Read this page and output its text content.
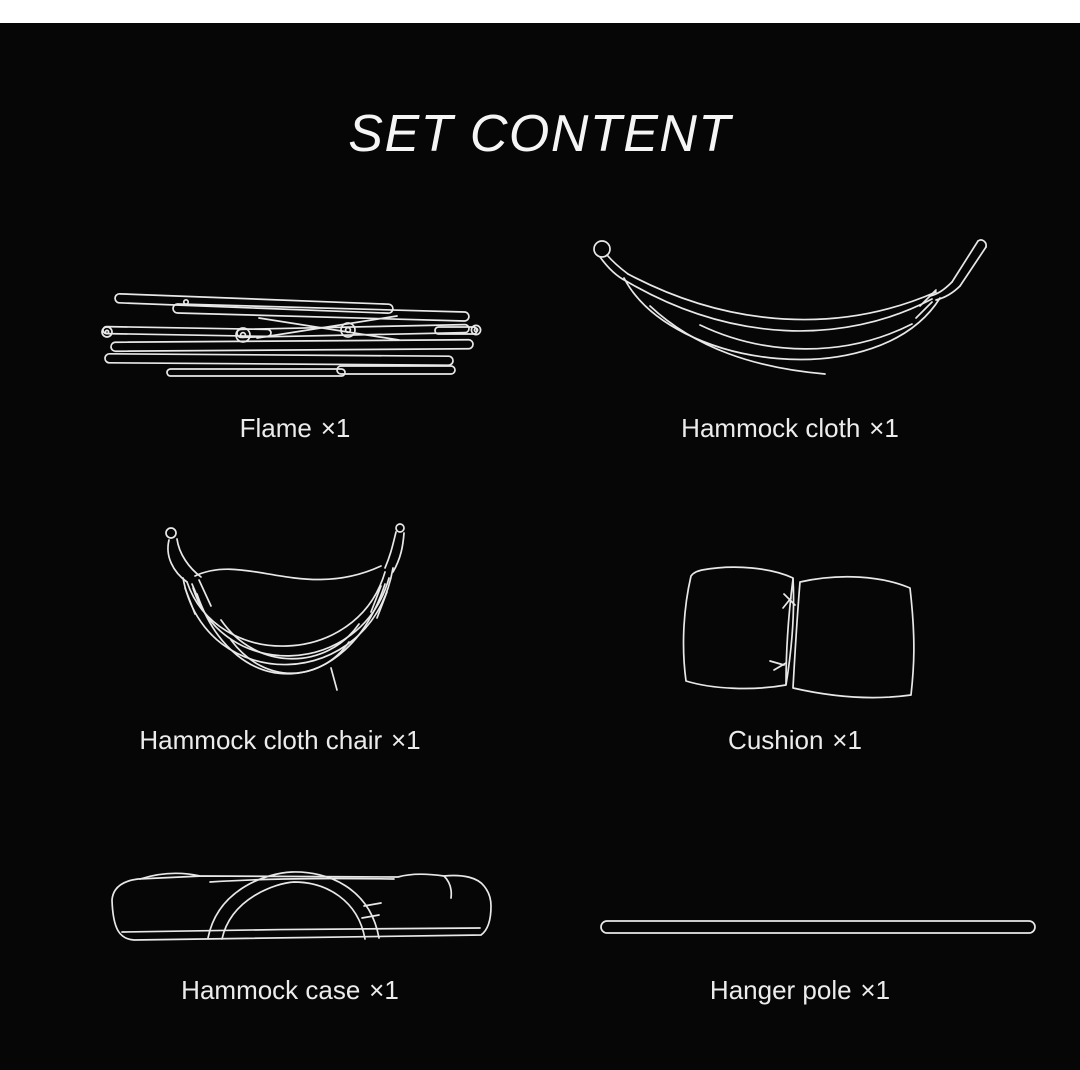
SET CONTENT
Flame ×1	Hammock cloth ×1
Hammock cloth chair ×1	Cushion ×1
Hammock case ×1	Hanger pole ×1
